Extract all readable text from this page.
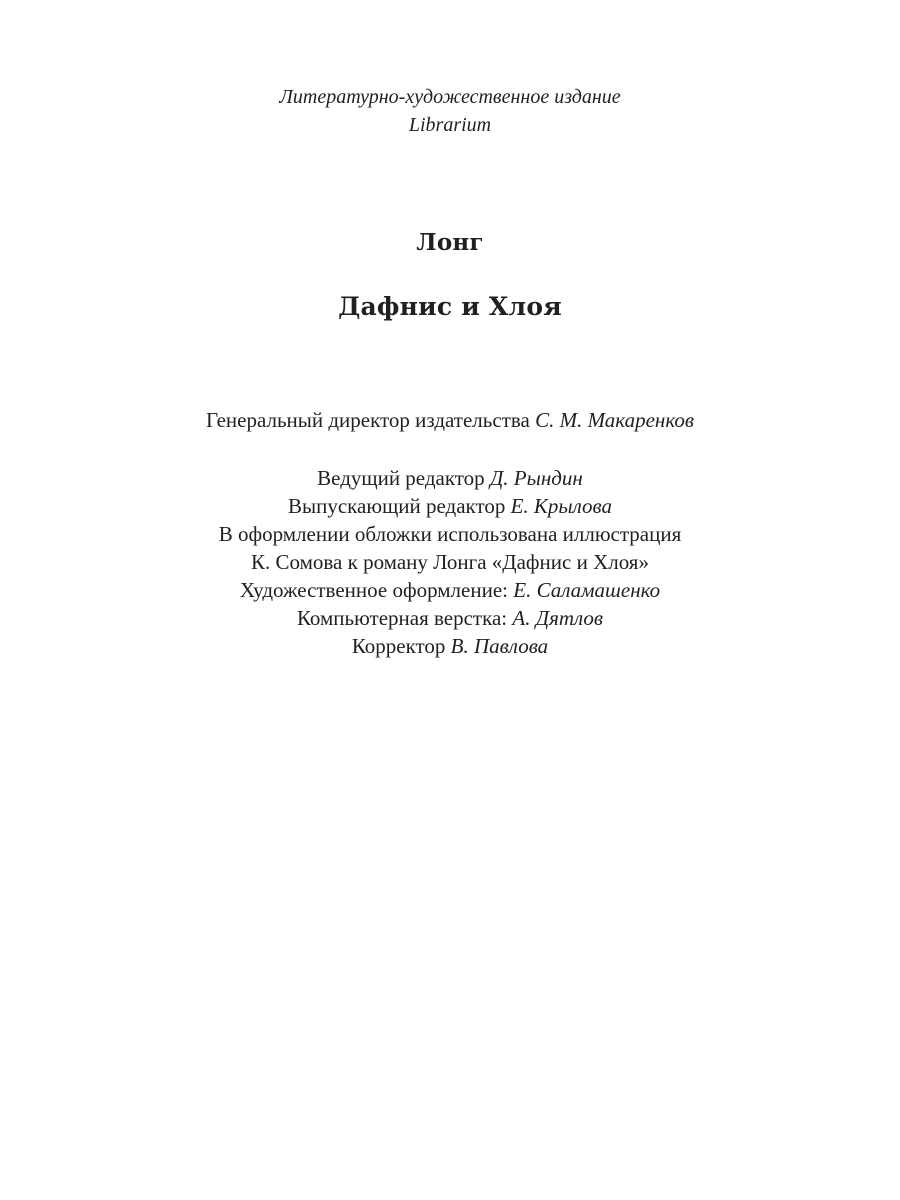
Литературно-художественное издание
Librarium
Лонг
Дафнис и Хлоя
Генеральный директор издательства С. М. Макаренков
Ведущий редактор Д. Рындин
Выпускающий редактор Е. Крылова
В оформлении обложки использована иллюстрация
К. Сомова к роману Лонга «Дафнис и Хлоя»
Художественное оформление: Е. Саламашенко
Компьютерная верстка: А. Дятлов
Корректор В. Павлова
